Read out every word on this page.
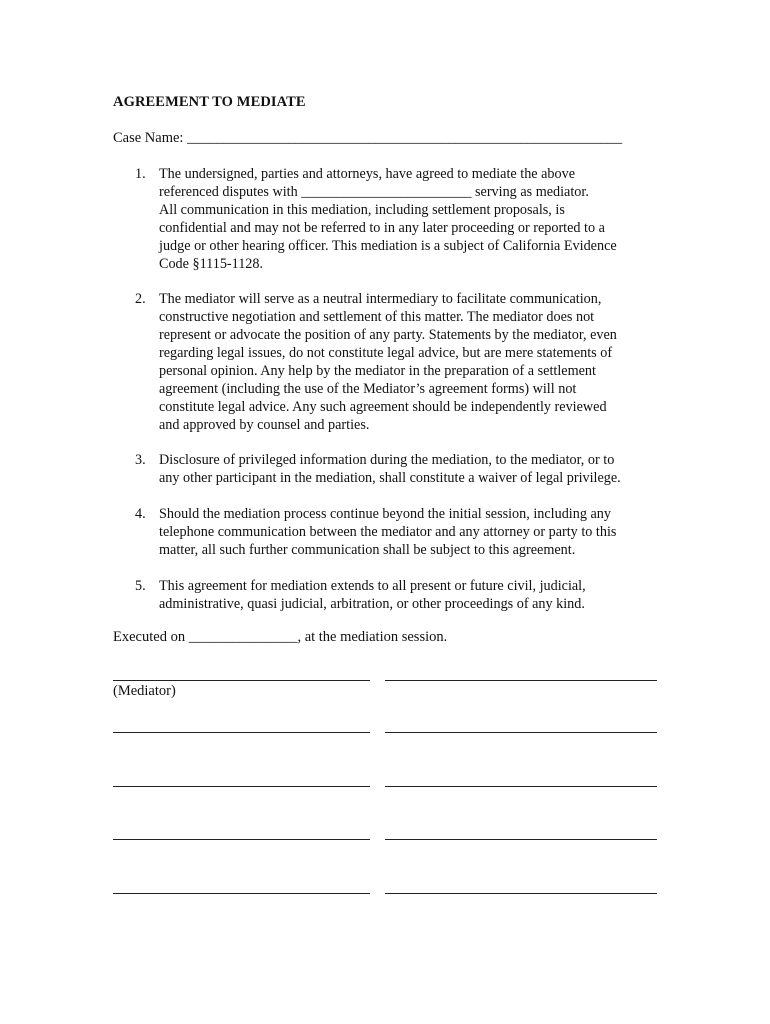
AGREEMENT TO MEDIATE
Case Name: ____________________________________________________________
1. The undersigned, parties and attorneys, have agreed to mediate the above
referenced disputes with ________________________ serving as mediator.
All communication in this mediation, including settlement proposals, is
confidential and may not be referred to in any later proceeding or reported to a
judge or other hearing officer. This mediation is a subject of California Evidence
Code §1115-1128.
2. The mediator will serve as a neutral intermediary to facilitate communication,
constructive negotiation and settlement of this matter. The mediator does not
represent or advocate the position of any party. Statements by the mediator, even
regarding legal issues, do not constitute legal advice, but are mere statements of
personal opinion. Any help by the mediator in the preparation of a settlement
agreement (including the use of the Mediator’s agreement forms) will not
constitute legal advice. Any such agreement should be independently reviewed
and approved by counsel and parties.
3. Disclosure of privileged information during the mediation, to the mediator, or to
any other participant in the mediation, shall constitute a waiver of legal privilege.
4. Should the mediation process continue beyond the initial session, including any
telephone communication between the mediator and any attorney or party to this
matter, all such further communication shall be subject to this agreement.
5. This agreement for mediation extends to all present or future civil, judicial,
administrative, quasi judicial, arbitration, or other proceedings of any kind.
Executed on _______________, at the mediation session.
(Mediator)
